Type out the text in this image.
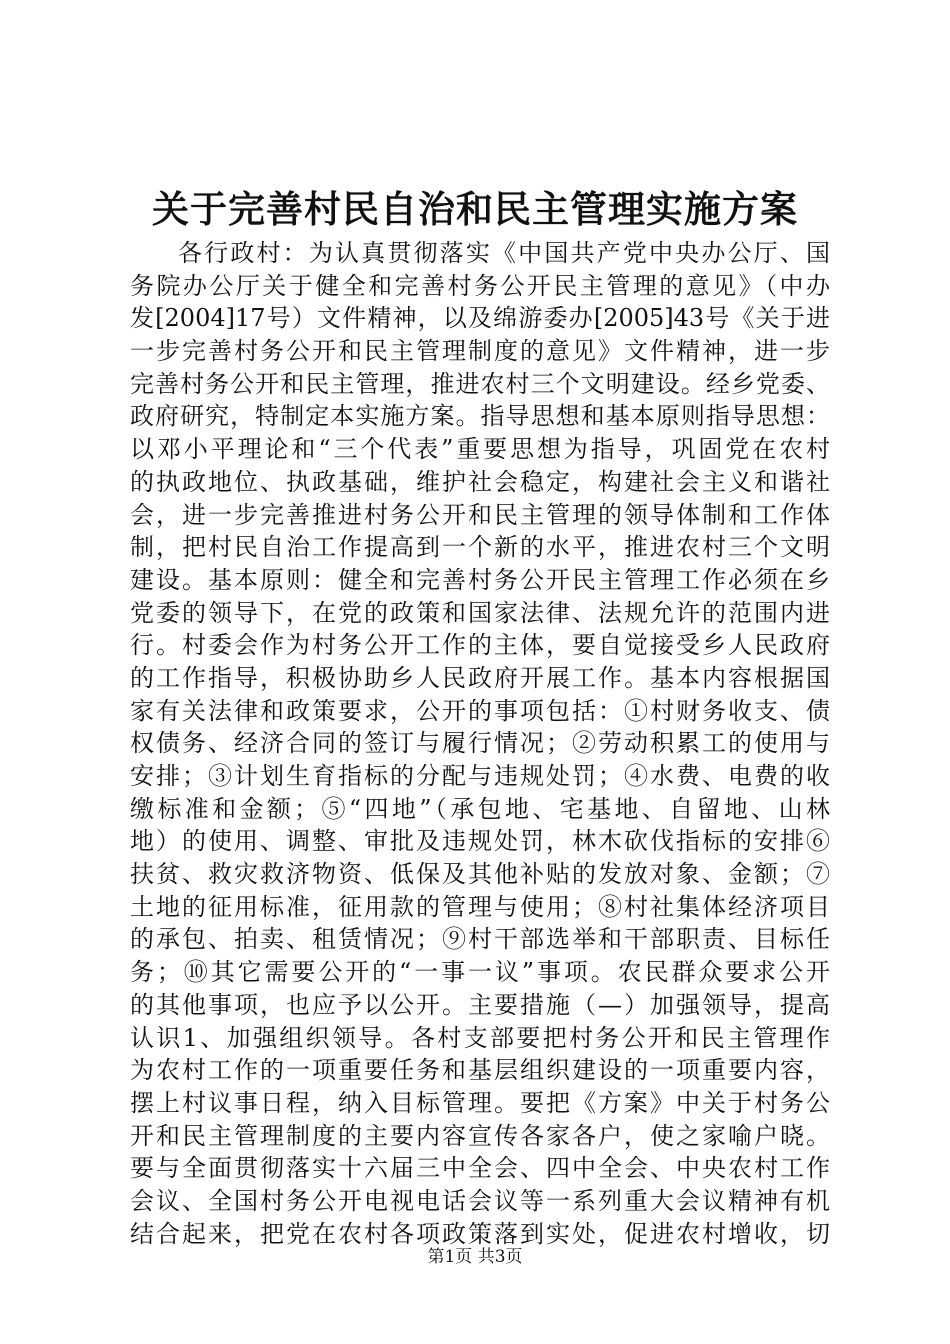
关于完善村民自治和民主管理实施方案
各行政村：为认真贯彻落实《中国共产党中央办公厅、国
务院办公厅关于健全和完善村务公开民主管理的意见》（中办
发[2004]17号）文件精神，以及绵游委办[2005]43号《关于进
一步完善村务公开和民主管理制度的意见》文件精神，进一步
完善村务公开和民主管理，推进农村三个文明建设。经乡党委、
政府研究，特制定本实施方案。指导思想和基本原则指导思想：
以邓小平理论和“三个代表”重要思想为指导，巩固党在农村
的执政地位、执政基础，维护社会稳定，构建社会主义和谐社
会，进一步完善推进村务公开和民主管理的领导体制和工作体
制，把村民自治工作提高到一个新的水平，推进农村三个文明
建设。基本原则：健全和完善村务公开民主管理工作必须在乡
党委的领导下，在党的政策和国家法律、法规允许的范围内进
行。村委会作为村务公开工作的主体，要自觉接受乡人民政府
的工作指导，积极协助乡人民政府开展工作。基本内容根据国
家有关法律和政策要求，公开的事项包括：①村财务收支、债
权债务、经济合同的签订与履行情况；②劳动积累工的使用与
安排；③计划生育指标的分配与违规处罚；④水费、电费的收
缴标准和金额；⑤“四地”（承包地、宅基地、自留地、山林
地）的使用、调整、审批及违规处罚，林木砍伐指标的安排⑥
扶贫、救灾救济物资、低保及其他补贴的发放对象、金额；⑦
土地的征用标准，征用款的管理与使用；⑧村社集体经济项目
的承包、拍卖、租赁情况；⑨村干部选举和干部职责、目标任
务；⑩其它需要公开的“一事一议”事项。农民群众要求公开
的其他事项，也应予以公开。主要措施（—）加强领导，提高
认识1、加强组织领导。各村支部要把村务公开和民主管理作
为农村工作的一项重要任务和基层组织建设的一项重要内容，
摆上村议事日程，纳入目标管理。要把《方案》中关于村务公
开和民主管理制度的主要内容宣传各家各户，使之家喻户晓。
要与全面贯彻落实十六届三中全会、四中全会、中央农村工作
会议、全国村务公开电视电话会议等一系列重大会议精神有机
结合起来，把党在农村各项政策落到实处，促进农村增收，切
第1页 共3页
